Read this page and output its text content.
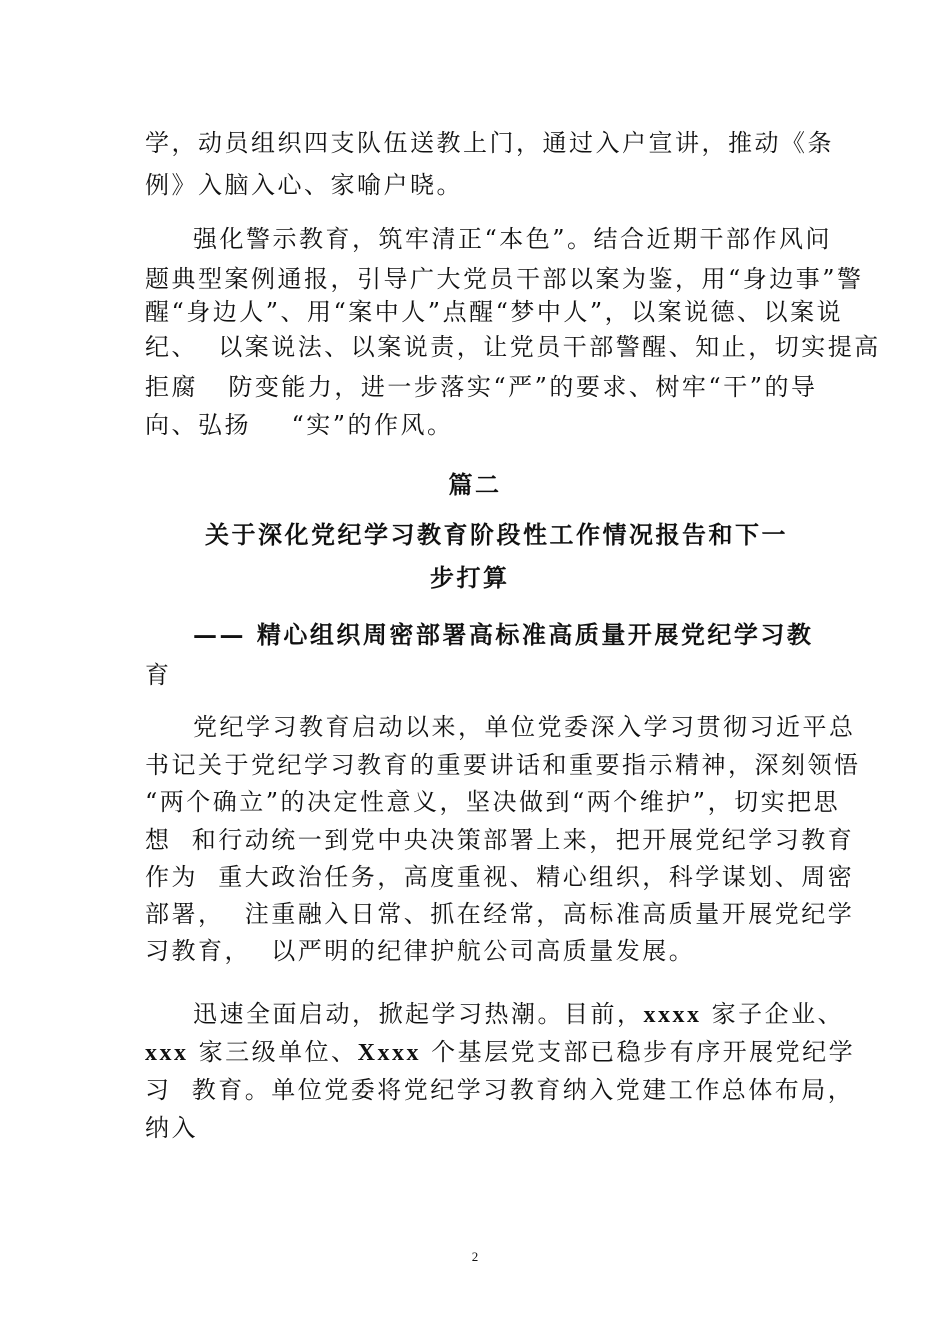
学，动员组织四支队伍送教上门，通过入户宣讲，推动《条
例》入脑入心、家喻户晓。
强化警示教育，筑牢清正“本色”。结合近期干部作风问
题典型案例通报，引导广大党员干部以案为鉴，用“身边事”警
醒“身边人”、用“案中人”点醒“梦中人”，以案说德、以案说
纪、  以案说法、以案说责，让党员干部警醒、知止，切实提高
拒腐   防变能力，进一步落实“严”的要求、树牢“干”的导
向、弘扬    “实”的作风。
篇二
关于深化党纪学习教育阶段性工作情况报告和下一
步打算
—— 精心组织周密部署高标准高质量开展党纪学习教
育
党纪学习教育启动以来，单位党委深入学习贯彻习近平总
书记关于党纪学习教育的重要讲话和重要指示精神，深刻领悟
“两个确立”的决定性意义，坚决做到“两个维护”，切实把思
想  和行动统一到党中央决策部署上来，把开展党纪学习教育
作为  重大政治任务，高度重视、精心组织，科学谋划、周密
部署，  注重融入日常、抓在经常，高标准高质量开展党纪学
习教育，  以严明的纪律护航公司高质量发展。
迅速全面启动，掀起学习热潮。目前，xxxx 家子企业、
xxx 家三级单位、Xxxx 个基层党支部已稳步有序开展党纪学
习  教育。单位党委将党纪学习教育纳入党建工作总体布局，
纳入
2
